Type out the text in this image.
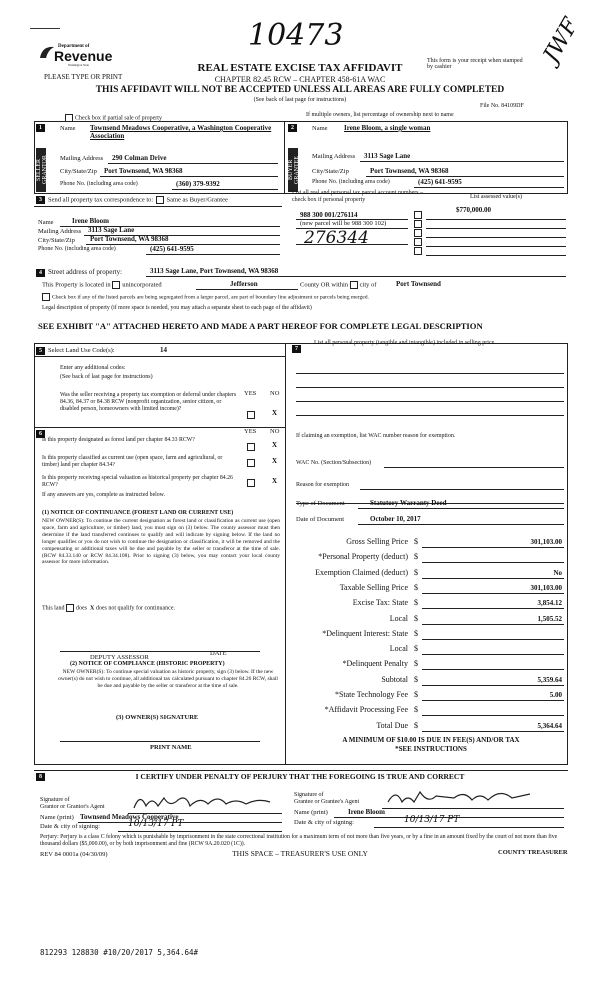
10473	JWF
Department of
Revenue
Washington State
PLEASE TYPE OR PRINT
REAL ESTATE EXCISE TAX AFFIDAVIT
CHAPTER 82.45 RCW – CHAPTER 458-61A WAC
THIS AFFIDAVIT WILL NOT BE ACCEPTED UNLESS ALL AREAS ARE FULLY COMPLETED
(See back of last page for instructions)
This form is your receipt when stamped by cashier
File No. 84109DF
Check box if partial sale of property
If multiple owners, list percentage of ownership next to name
1
SELLER GRANTOR
Name Townsend Meadows Cooperative, a Washington Cooperative Association
Mailing Address 290 Colman Drive
City/State/Zip Port Townsend, WA 98368
Phone No. (including area code)	(360) 379-9392
2
BUYER GRANTEE
Name Irene Bloom, a single woman
Mailing Address 3113 Sage Lane
City/State/Zip	Port Townsend, WA 98368
Phone No. (including area code)	(425) 641-9595
3 Send all property tax correspondence to: Same as Buyer/Grantee
Name	Irene Bloom
Mailing Address 3113 Sage Lane
City/State/Zip Port Townsend, WA 98368
Phone No. (including area code)	(425) 641-9595
List all real and personal tax parcel account numbers – check box if personal property	List assessed value(s)
988 300 001/276114
(new parcel will be 988 300 102)
276344
$770,000.00
4 Street address of property:	3113 Sage Lane, Port Townsend, WA 98368
This Property is located in unincorporated	Jefferson	County OR within city of	Port Townsend
Check box if any of the listed parcels are being segregated from a larger parcel, are part of boundary line adjustment or parcels being merged.
Legal description of property (if more space is needed, you may attach a separate sheet to each page of the affidavit)
SEE EXHIBIT "A" ATTACHED HERETO AND MADE A PART HEREOF FOR COMPLETE LEGAL DESCRIPTION
5 Select Land Use Code(s):	14
Enter any additional codes:
(See back of last page for instructions)
YES NO
Was the seller receiving a property tax exemption or deferral under chapters 84.36, 84.37 or 84.38 RCW (nonprofit organization, senior citizen, or disabled person, homeowners with limited income)?	X
6	YES NO
Is this property designated as forest land per chapter 84.33 RCW?
X
Is this property classified as current use (open space, farm and agricultural, or timber) land per chapter 84.34?	X
Is this property receiving special valuation as historical property per chapter 84.26 RCW?	X
If any answers are yes, complete as instructed below.
(1) NOTICE OF CONTINUANCE (FOREST LAND OR CURRENT USE)
NEW OWNER(S): To continue the current designation as forest land or classification as current use (open space, farm and agriculture, or timber) land, you must sign on (3) below. The county assessor must then determine if the land transferred continues to qualify and will indicate by signing below. If the land no longer qualifies or you do not wish to continue the designation or classification, it will be removed and the compensating or additional taxes will be due and payable by the seller or transferor at the time of sale. (RCW 84.33.140 or RCW 84.34.108). Prior to signing (3) below, you may contact your local county assessor for more information.
This land does X does not qualify for continuance.
DEPUTY ASSESSOR
DATE
(2) NOTICE OF COMPLIANCE (HISTORIC PROPERTY)
NEW OWNER(S): To continue special valuation as historic property, sign (3) below. If the new owner(s) do not wish to continue, all additional tax calculated pursuant to chapter 84.26 RCW, shall be due and payable by the seller or transferor at the time of sale.
(3) OWNER(S) SIGNATURE
PRINT NAME
7
List all personal property (tangible and intangible) included in selling price.
If claiming an exemption, list WAC number reason for exemption.
WAC No. (Section/Subsection)
Reason for exemption
Type of Document	Statutory Warranty Deed
Date of Document	October 10, 2017
Gross Selling Price $	301,103.00
*Personal Property (deduct) $
Exemption Claimed (deduct) $	No
Taxable Selling Price $	301,103.00
Excise Tax: State $	3,854.12
Local $	1,505.52
*Delinquent Interest: State $
Local $
*Delinquent Penalty $
Subtotal $	5,359.64
*State Technology Fee $	5.00
*Affidavit Processing Fee $
Total Due $	5,364.64
A MINIMUM OF $10.00 IS DUE IN FEE(S) AND/OR TAX
*SEE INSTRUCTIONS
8	I CERTIFY UNDER PENALTY OF PERJURY THAT THE FOREGOING IS TRUE AND CORRECT
Signature of
Grantor or Grantor's Agent
Name (print) Townsend Meadows Cooperative
Date & city of signing:	10/13/17 PT
Signature of
Grantee or Grantee's Agent
Name (print)	Irene Bloom
Date & city of signing:	10/13/17 PT
Perjury: Perjury is a class C felony which is punishable by imprisonment in the state correctional institution for a maximum term of not more than five years, or by a fine in an amount fixed by the court of not more than five thousand dollars ($5,000.00), or by both imprisonment and fine (RCW 9A.20.020 (1C)).
REV 84 0001a (04/30/09)	THIS SPACE – TREASURER'S USE ONLY	COUNTY TREASURER
812293 128830 #10/20/2017 5,364.64#
